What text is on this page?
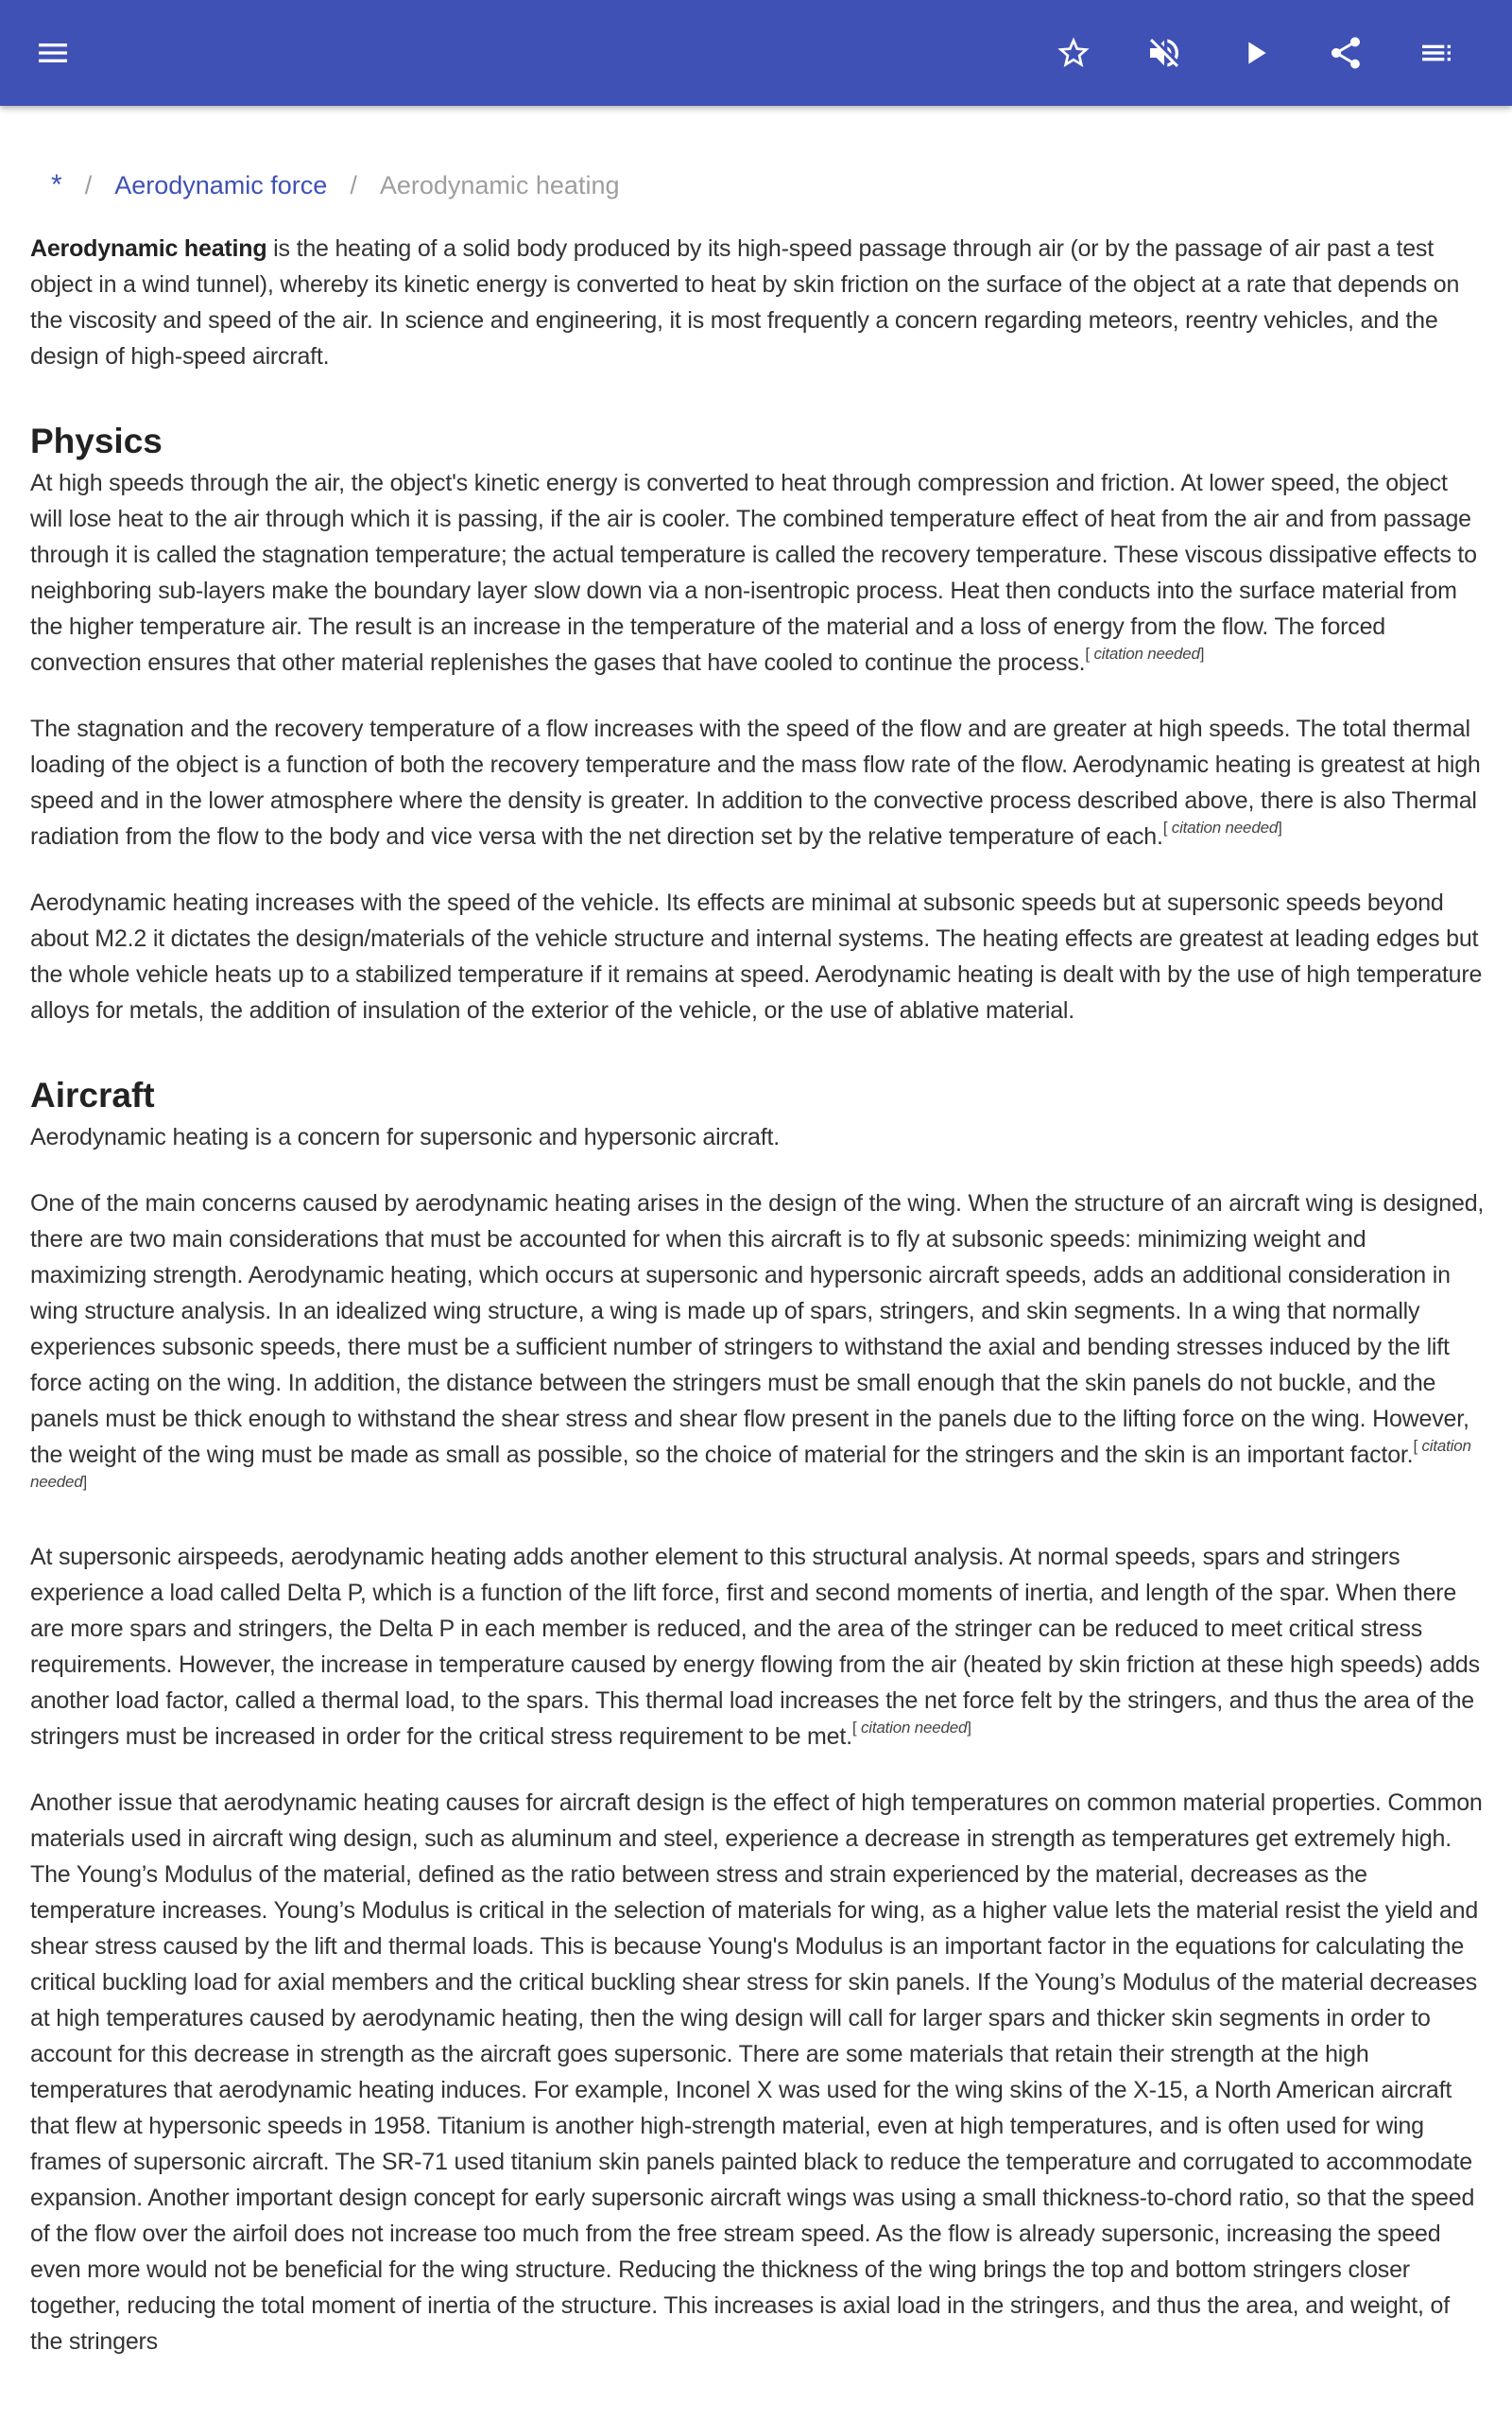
* / Aerodynamic force / Aerodynamic heating

Aerodynamic heating is the heating of a solid body produced by its high-speed passage through air (or by the passage of air past a test object in a wind tunnel), whereby its kinetic energy is converted to heat by skin friction on the surface of the object at a rate that depends on the viscosity and speed of the air. In science and engineering, it is most frequently a concern regarding meteors, reentry vehicles, and the design of high-speed aircraft.

Physics

At high speeds through the air, the object's kinetic energy is converted to heat through compression and friction. At lower speed, the object will lose heat to the air through which it is passing, if the air is cooler. The combined temperature effect of heat from the air and from passage through it is called the stagnation temperature; the actual temperature is called the recovery temperature. These viscous dissipative effects to neighboring sub-layers make the boundary layer slow down via a non-isentropic process. Heat then conducts into the surface material from the higher temperature air. The result is an increase in the temperature of the material and a loss of energy from the flow. The forced convection ensures that other material replenishes the gases that have cooled to continue the process.[ citation needed]

The stagnation and the recovery temperature of a flow increases with the speed of the flow and are greater at high speeds. The total thermal loading of the object is a function of both the recovery temperature and the mass flow rate of the flow. Aerodynamic heating is greatest at high speed and in the lower atmosphere where the density is greater. In addition to the convective process described above, there is also Thermal radiation from the flow to the body and vice versa with the net direction set by the relative temperature of each.[ citation needed]

Aerodynamic heating increases with the speed of the vehicle. Its effects are minimal at subsonic speeds but at supersonic speeds beyond about M2.2 it dictates the design/materials of the vehicle structure and internal systems. The heating effects are greatest at leading edges but the whole vehicle heats up to a stabilized temperature if it remains at speed. Aerodynamic heating is dealt with by the use of high temperature alloys for metals, the addition of insulation of the exterior of the vehicle, or the use of ablative material.

Aircraft

Aerodynamic heating is a concern for supersonic and hypersonic aircraft.

One of the main concerns caused by aerodynamic heating arises in the design of the wing. When the structure of an aircraft wing is designed, there are two main considerations that must be accounted for when this aircraft is to fly at subsonic speeds: minimizing weight and maximizing strength. Aerodynamic heating, which occurs at supersonic and hypersonic aircraft speeds, adds an additional consideration in wing structure analysis. In an idealized wing structure, a wing is made up of spars, stringers, and skin segments. In a wing that normally experiences subsonic speeds, there must be a sufficient number of stringers to withstand the axial and bending stresses induced by the lift force acting on the wing. In addition, the distance between the stringers must be small enough that the skin panels do not buckle, and the panels must be thick enough to withstand the shear stress and shear flow present in the panels due to the lifting force on the wing. However, the weight of the wing must be made as small as possible, so the choice of material for the stringers and the skin is an important factor.[ citation needed]

At supersonic airspeeds, aerodynamic heating adds another element to this structural analysis. At normal speeds, spars and stringers experience a load called Delta P, which is a function of the lift force, first and second moments of inertia, and length of the spar. When there are more spars and stringers, the Delta P in each member is reduced, and the area of the stringer can be reduced to meet critical stress requirements. However, the increase in temperature caused by energy flowing from the air (heated by skin friction at these high speeds) adds another load factor, called a thermal load, to the spars. This thermal load increases the net force felt by the stringers, and thus the area of the stringers must be increased in order for the critical stress requirement to be met.[ citation needed]

Another issue that aerodynamic heating causes for aircraft design is the effect of high temperatures on common material properties. Common materials used in aircraft wing design, such as aluminum and steel, experience a decrease in strength as temperatures get extremely high. The Young’s Modulus of the material, defined as the ratio between stress and strain experienced by the material, decreases as the temperature increases. Young’s Modulus is critical in the selection of materials for wing, as a higher value lets the material resist the yield and shear stress caused by the lift and thermal loads. This is because Young's Modulus is an important factor in the equations for calculating the critical buckling load for axial members and the critical buckling shear stress for skin panels. If the Young’s Modulus of the material decreases at high temperatures caused by aerodynamic heating, then the wing design will call for larger spars and thicker skin segments in order to account for this decrease in strength as the aircraft goes supersonic. There are some materials that retain their strength at the high temperatures that aerodynamic heating induces. For example, Inconel X was used for the wing skins of the X-15, a North American aircraft that flew at hypersonic speeds in 1958. Titanium is another high-strength material, even at high temperatures, and is often used for wing frames of supersonic aircraft. The SR-71 used titanium skin panels painted black to reduce the temperature and corrugated to accommodate expansion. Another important design concept for early supersonic aircraft wings was using a small thickness-to-chord ratio, so that the speed of the flow over the airfoil does not increase too much from the free stream speed. As the flow is already supersonic, increasing the speed even more would not be beneficial for the wing structure. Reducing the thickness of the wing brings the top and bottom stringers closer together, reducing the total moment of inertia of the structure. This increases is axial load in the stringers, and thus the area, and weight, of the stringers
